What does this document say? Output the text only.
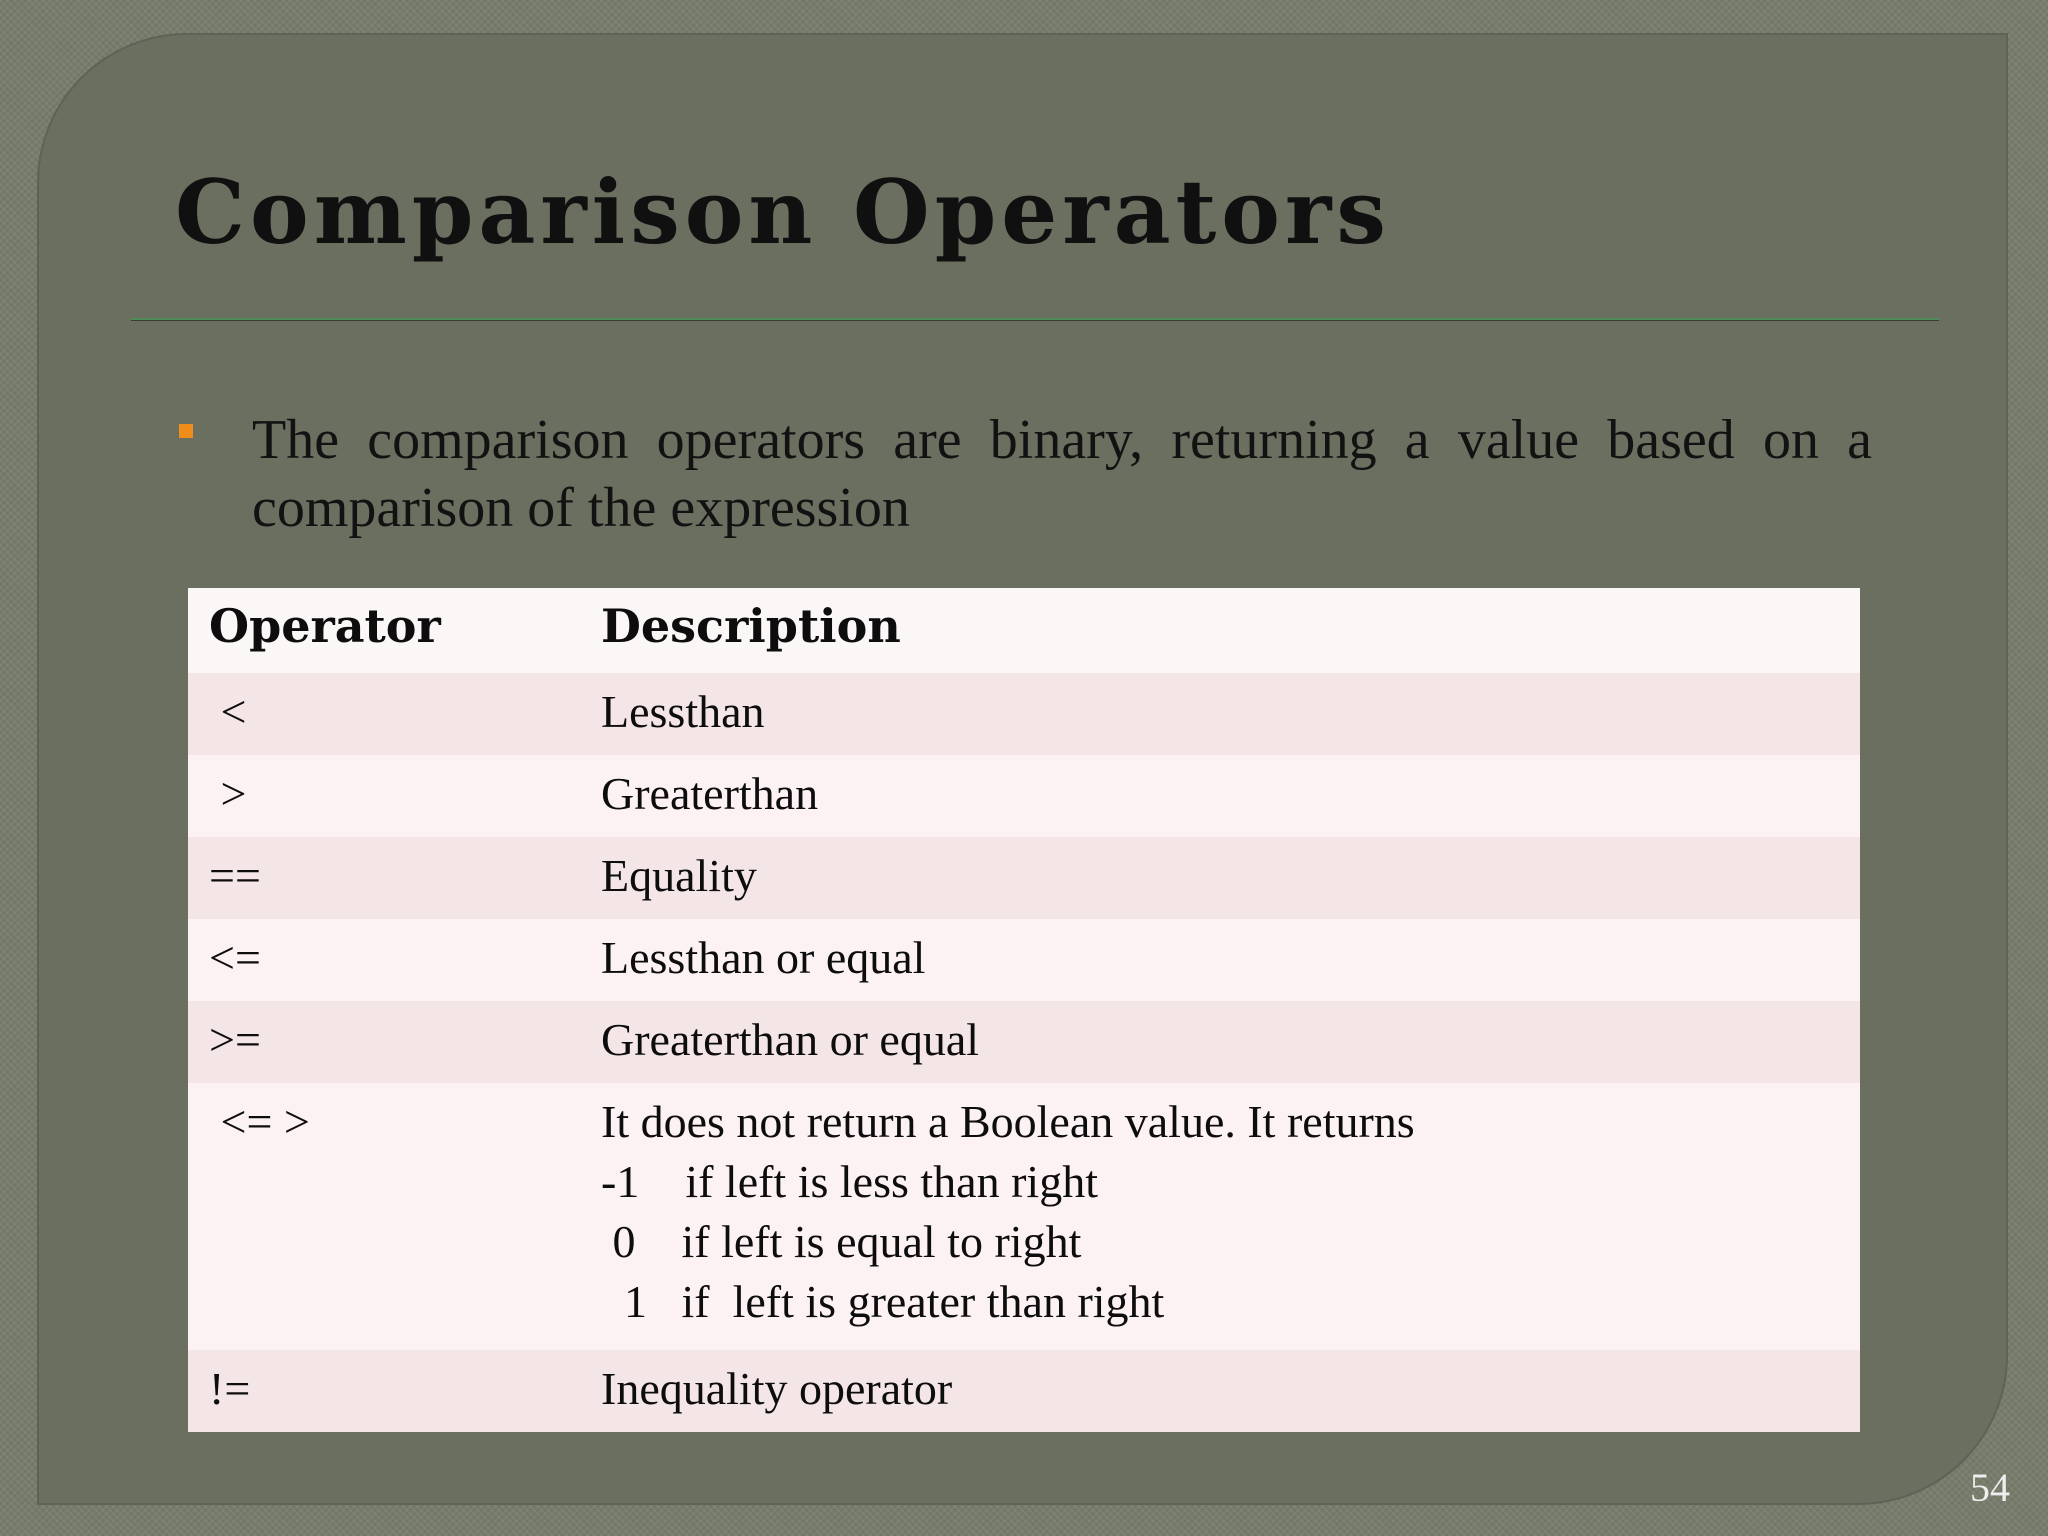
Comparison Operators

The comparison operators are binary, returning a value based on a comparison of the expression

Operator	Description
<	Lessthan

>	Greaterthan

==	Equality

<=	Lessthan or equal

>=	Greaterthan or equal

<= >	It does not return a Boolean value. It returns
-1    if left is less than right
0    if left is equal to right
1   if  left is greater than right

!=	Inequality operator
54
